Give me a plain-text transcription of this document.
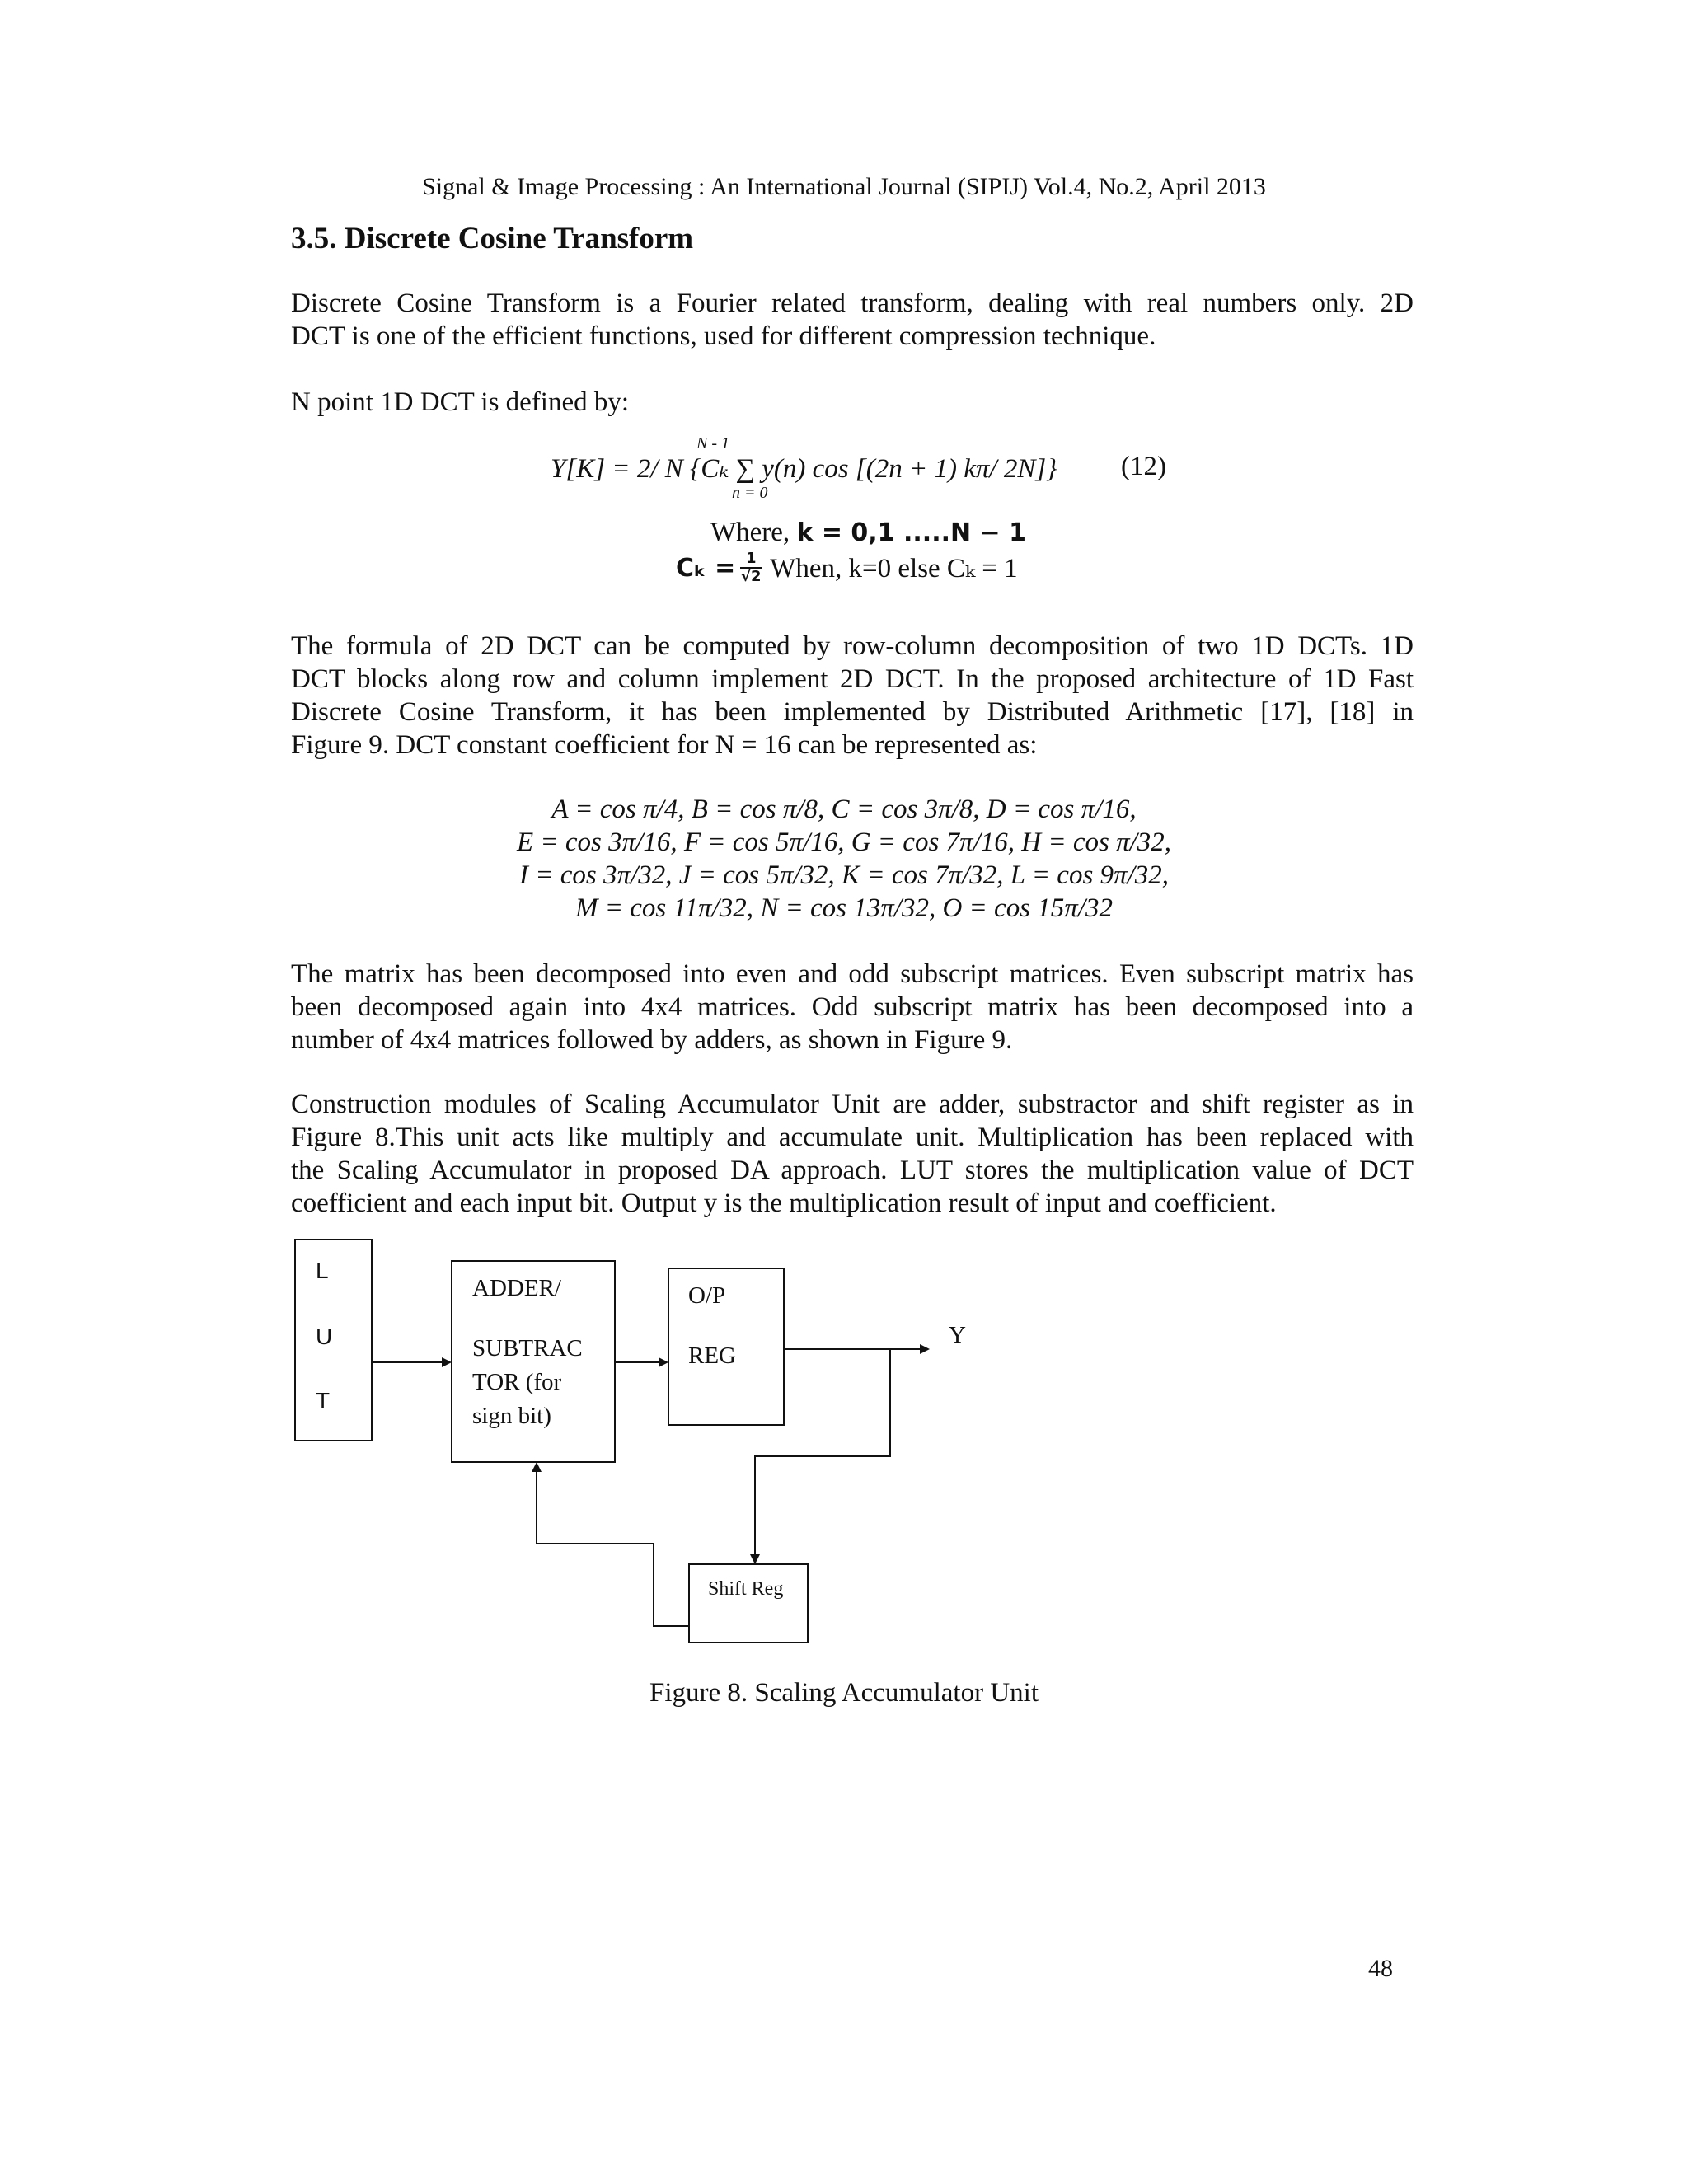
Signal & Image Processing : An International Journal (SIPIJ) Vol.4, No.2, April 2013
3.5. Discrete Cosine Transform
Discrete Cosine Transform is a Fourier related transform, dealing with real numbers only. 2D
DCT is one of the efficient functions, used for different compression technique.
N point 1D DCT is defined by:
N - 1
Y[K] = 2/ N {Cₖ ∑ y(n) cos [(2n + 1) kπ/ 2N]}
n = 0
(12)
Where, k = 0,1 .....N − 1
$C_k = \frac{1}{√2}$ When, k=0 else Cₖ = 1
The formula of 2D DCT can be computed by row-column decomposition of two 1D DCTs. 1D
DCT blocks along row and column implement 2D DCT. In the proposed architecture of 1D Fast
Discrete Cosine Transform, it has been implemented by Distributed Arithmetic [17], [18] in
Figure 9. DCT constant coefficient for N = 16 can be represented as:
A = cos π/4, B = cos π/8, C = cos 3π/8, D = cos π/16,
E = cos 3π/16, F = cos 5π/16, G = cos 7π/16, H = cos π/32,
I = cos 3π/32, J = cos 5π/32, K = cos 7π/32, L = cos 9π/32,
M = cos 11π/32, N = cos 13π/32, O = cos 15π/32
The matrix has been decomposed into even and odd subscript matrices. Even subscript matrix has
been decomposed again into 4x4 matrices. Odd subscript matrix has been decomposed into a
number of 4x4 matrices followed by adders, as shown in Figure 9.
Construction modules of Scaling Accumulator Unit are adder, substractor and shift register as in
Figure 8.This unit acts like multiply and accumulate unit. Multiplication has been replaced with
the Scaling Accumulator in proposed DA approach. LUT stores the multiplication value of DCT
coefficient and each input bit. Output y is the multiplication result of input and coefficient.
L
U
T
ADDER/
SUBTRAC
TOR (for
sign bit)
O/P
REG
Shift Reg
Y
Figure 8. Scaling Accumulator Unit
48
